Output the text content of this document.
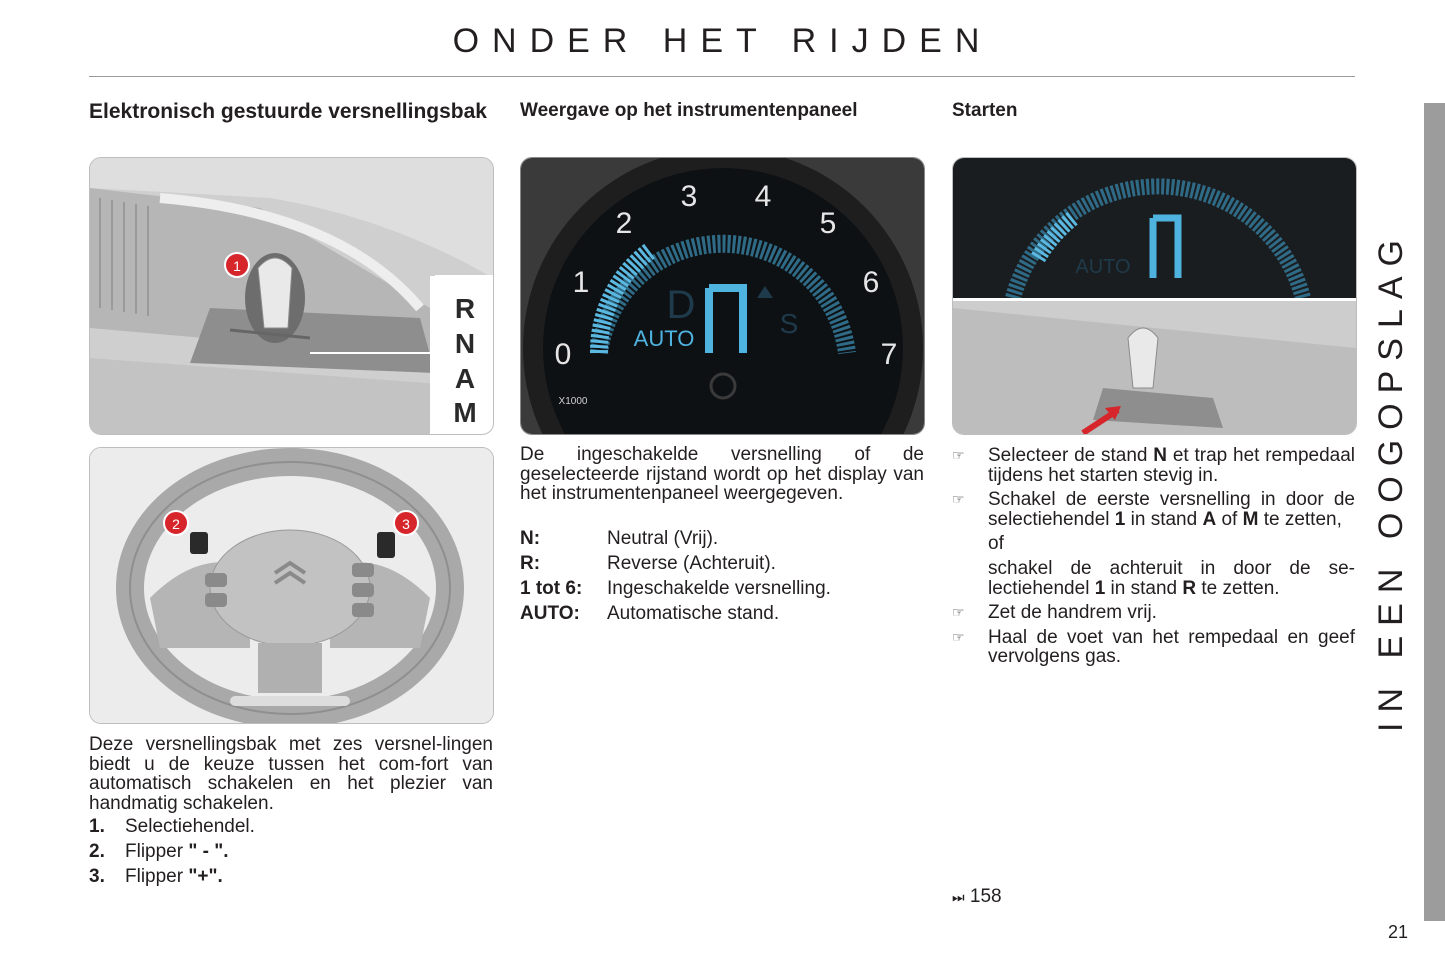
ONDER HET RIJDEN
Elektronisch gestuurde versnellingsbak Weergave op het instrumentenpaneel	Starten
1
R
N
A
M
2	3
Deze versnellingsbak met zes versnel-lingen biedt u de keuze tussen het com-fort van automatisch schakelen en het plezier van handmatig schakelen.
1.	Selectiehendel.
2.	Flipper " - ".
3.	Flipper "+".
0
1
2
3 4
5
6
7
AUTO
D	S
X1000
De ingeschakelde versnelling of de geselecteerde rijstand wordt op het display van het instrumentenpaneel weergegeven.
N:	Neutral (Vrij).
R:	Reverse (Achteruit).
1 tot 6:	Ingeschakelde versnelling.
AUTO:	Automatische stand.
AUTO
☞ Selecteer de stand N et trap het rempedaal tijdens het starten stevig in.
☞ Schakel de eerste versnelling in door de selectiehendel 1 in stand A of M te zetten,
of
schakel de achteruit in door de se-lectiehendel 1 in stand R te zetten.
☞ Zet de handrem vrij.
☞ Haal de voet van het rempedaal en geef vervolgens gas.
⏭ 158
IN EEN OOGOPSLAG
21
